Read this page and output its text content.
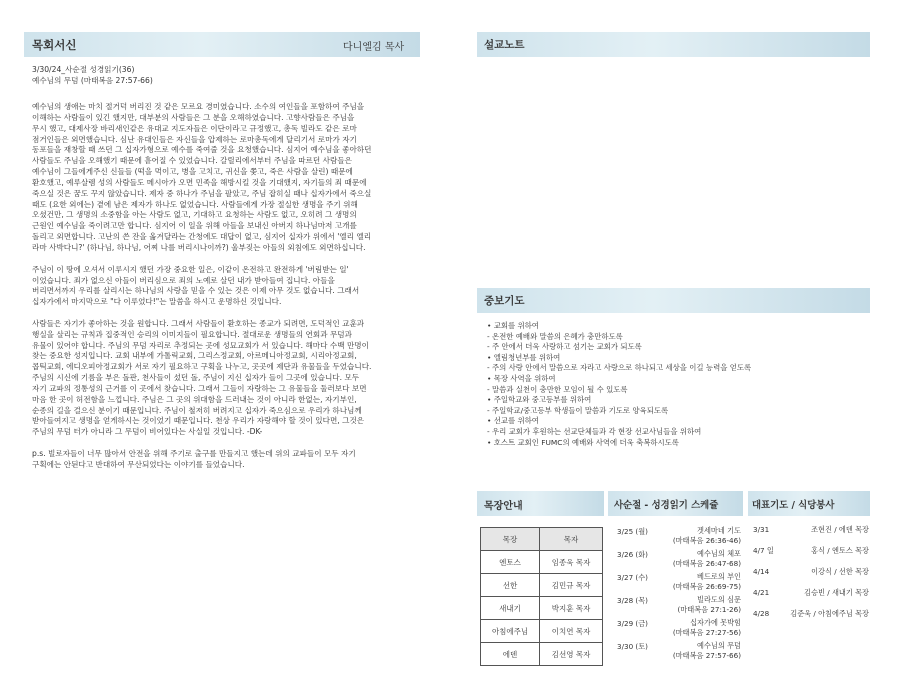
목회서신	다니엘김 목사
3/30/24_사순절 성경읽기(36)
예수님의 무덤 (마태복음 27:57-66)
예수님의 생애는 마치 절거덕 버리진 것 같은 모르요 경미였습니다. 소수의 여인들을 포함하여 주님을
이해하는 사람들이 있긴 했지만, 대부분의 사람들은 그 분을 오해하였습니다. 고향사람들은 주님을
무시 했고, 대제사장 바리새인같은 유대교 지도자들은 이단이라고 규정했고, 총독 빌라도 같은 로마
점거인들은 외면했습니다. 심난 유대인들은 자신들을 압제하는 로마총독에게 달리기서 로마가 자기
동포들을 재창할 때 쓰던 그 십자가형으로 예수를 죽여줄 것을 요청했습니다. 심지어 예수님을 좋아하던
사람들도 주님을 오해했기 때문에 흩어질 수 있었습니다. 갈릴리에서부터 주님을 따르던 사람들은
예수님이 그들에게주신 신들들 (떡을 먹이고, 병을 고치고, 귀신을 쫓고, 죽은 사람을 살린) 때문에
환호했고, 예루살렘 성의 사람들도 메시아가 오면 민족을 해방시킬 것을 기대했지, 자기들의 죄 때문에
죽으실 것은 꿈도 꾸지 않았습니다. 제자 중 하나가 주님을 팔았고, 주님 잡히실 때나 십자가에서 죽으실
때도 (요한 외에는) 곁에 남은 제자가 하나도 없었습니다. 사람들에게 가장 절실한 생명을 주기 위해
오셨건만, 그 생명의 소중함을 아는 사람도 없고, 기대하고 요청하는 사람도 없고, 오히려 그 생명의
근원인 예수님을 죽이려고만 합니다. 심지어 이 일을 위해 아들을 보내신 아버지 하나님마저 고개를
돌리고 외면합니다. 고난의 쓴 잔을 옮겨달라는 간청에도 대답이 없고, 심지어 십자가 위에서 '엘리 엘리
라마 사박다니?' (하나님, 하나님, 어찌 나를 버리시나이까?) 울부짖는 아들의 외침에도 외면하십니다.
주님이 이 땅에 오셔서 이루시지 했던 가장 중요한 일은, 이같이 온전하고 완전하게 '버림받는 일'
이었습니다. 죄가 없으신 아들이 버리심으로 죄의 노예로 살던 내가 받아들여 집니다. 아들을
버리면서까지 우리를 살리시는 하나님의 사랑을 믿을 수 있는 것은 이제 아무 것도 없습니다. 그래서
십자가에서 마지막으로 "다 이루었다!"는 말씀을 하시고 운명하신 것입니다.
사람들은 자기가 좋아하는 것을 원합니다. 그래서 사람들이 환호하는 종교가 되려면, 도덕적인 교훈과
행실을 살리는 규칙과 집중적인 승리의 이미지들이 필요합니다. 절대로운 생명들의 연회과 무덤과
유물이 있어야 합니다. 주님의 무덤 자리로 추정되는 곳에 성묘교회가 서 있습니다. 해마다 수백 만명이
찾는 중요한 성지입니다. 교회 내부에 가톨릭교회, 그리스정교회, 아르메니아정교회, 시리아정교회,
콥틱교회, 에디오피아정교회가 서로 자기 필요하고 구획을 나누고, 곳곳에 제단과 유물들을 두었습니다.
주님의 시신에 기름을 부은 돌판, 천사들이 섰던 돌, 주님이 지신 십자가 들이 그곳에 있습니다. 모두
자기 교파의 정통성의 근거를 이 곳에서 찾습니다. 그래서 그들이 자랑하는 그 유물들을 둘러보다 보면
마음 한 곳이 허전함을 느낍니다. 주님은 그 곳의 위대함을 드러내는 것이 아니라 한없는, 자기부인,
순종의 길을 걸으신 분이기 때문입니다. 주님이 철저히 버려지고 십자가 죽으심으로 우리가 하나님께
받아들여지고 생명을 얻게하시는 것이었기 때문입니다. 천상 우리가 자랑해야 할 것이 있다면, 그것은
주님의 무덤 터가 아니라 그 무덤이 비어있다는 사실일 것입니다. -DK-
p.s. 빌로자들이 너무 많아서 안전을 위해 주기로 출구를 만들지고 했는데 위의 교파들이 모두 자기
구획에는 안된다고 반대하여 무산되었다는 이야기를 들었습니다.
설교노트
중보기도
• 교회를 위하여
- 온전한 예배와 말씀의 은혜가 충만하도록
- 주 안에서 더욱 사랑하고 섬기는 교회가 되도록
• 엘림청년부를 위하여
- 주의 사랑 안에서 말씀으로 자라고 사랑으로 하나되고 세상을 이길 능력을 얻도록
• 목장 사역을 위하여
- 말씀과 실천이 충만한 모임이 될 수 있도록
• 주일학교와 중고등부를 위하여
- 주일학교/중고등부 학생들이 말씀과 기도로 양육되도록
• 선교를 위하여
- 우리 교회가 후원하는 선교단체들과 각 현장 선교사님들을 위하여
• 호스트 교회인 FUMC의 예배와 사역에 더욱 축복하시도록
목장안내
목장	목자
엔토스	임종욱 목자
선한	김민규 목자
새내기	박지훈 목자
아침에주님	이치연 목자
에덴	김선영 목자
사순절 - 성경읽기 스케쥴
3/25 (월)	겟세마네 기도
(마태복음 26:36-46)
3/26 (화)	예수님의 체포
(마태복음 26:47-68)
3/27 (수)	베드로의 부인
(마태복음 26:69-75)
3/28 (목)	빌라도의 심문
(마태복음 27:1-26)
3/29 (금)	십자가에 못박힘
(마태복음 27:27-56)
3/30 (토)	예수님의 무덤
(마태복음 27:57-66)
대표기도 / 식당봉사
3/31	조현진 / 에덴 목장
4/7 일	홍식 / 엔토스 목장
4/14	이강식 / 선한 목장
4/21	김승빈 / 새내기 목장
4/28	김준욱 / 아침에주님 목장
